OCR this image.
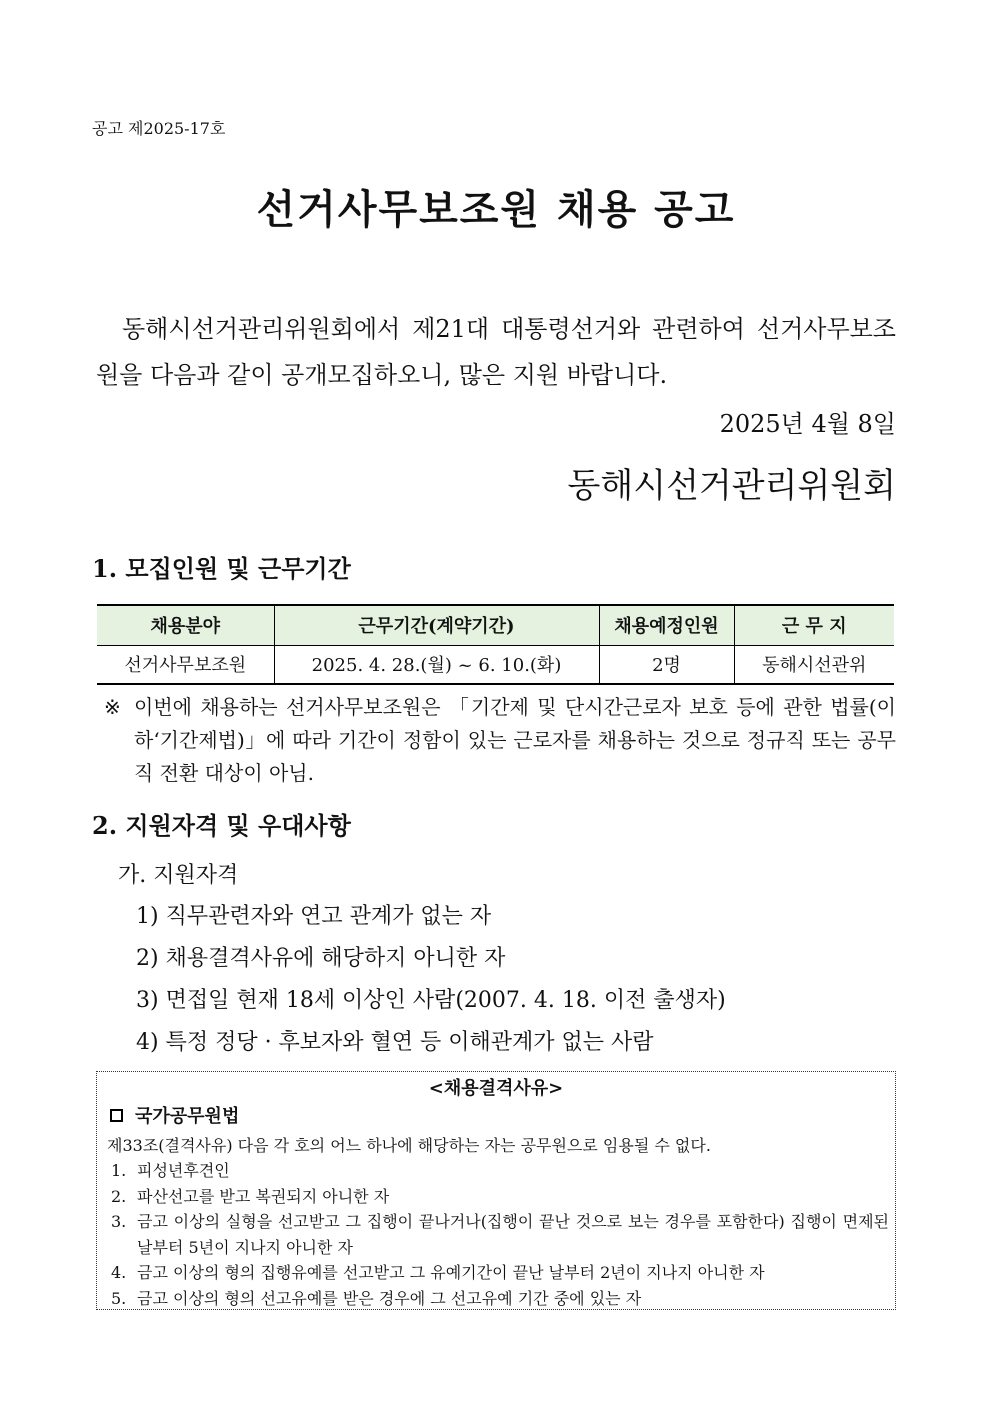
공고 제2025-17호
선거사무보조원 채용 공고

동해시선거관리위원회에서 제21대 대통령선거와 관련하여 선거사무보조원을 다음과 같이 공개모집하오니, 많은 지원 바랍니다.

2025년 4월 8일
동해시선거관리위원회
1. 모집인원 및 근무기간
채용분야	근무기간(계약기간)	채용예정인원	근 무 지
선거사무보조원	2025. 4. 28.(월) ~ 6. 10.(화)	2명	동해시선관위
※ 이번에 채용하는 선거사무보조원은 「기간제 및 단시간근로자 보호 등에 관한 법률(이하‘기간제법)」에 따라 기간이 정함이 있는 근로자를 채용하는 것으로 정규직 또는 공무직 전환 대상이 아님.
2. 지원자격 및 우대사항
가. 지원자격
1) 직무관련자와 연고 관계가 없는 자
2) 채용결격사유에 해당하지 아니한 자
3) 면접일 현재 18세 이상인 사람(2007. 4. 18. 이전 출생자)
4) 특정 정당 · 후보자와 혈연 등 이해관계가 없는 사람
<채용결격사유>
국가공무원법
제33조(결격사유) 다음 각 호의 어느 하나에 해당하는 자는 공무원으로 임용될 수 없다.
1. 피성년후견인
2. 파산선고를 받고 복권되지 아니한 자
3. 금고 이상의 실형을 선고받고 그 집행이 끝나거나(집행이 끝난 것으로 보는 경우를 포함한다) 집행이 면제된 날부터 5년이 지나지 아니한 자
4. 금고 이상의 형의 집행유예를 선고받고 그 유예기간이 끝난 날부터 2년이 지나지 아니한 자
5. 금고 이상의 형의 선고유예를 받은 경우에 그 선고유예 기간 중에 있는 자
